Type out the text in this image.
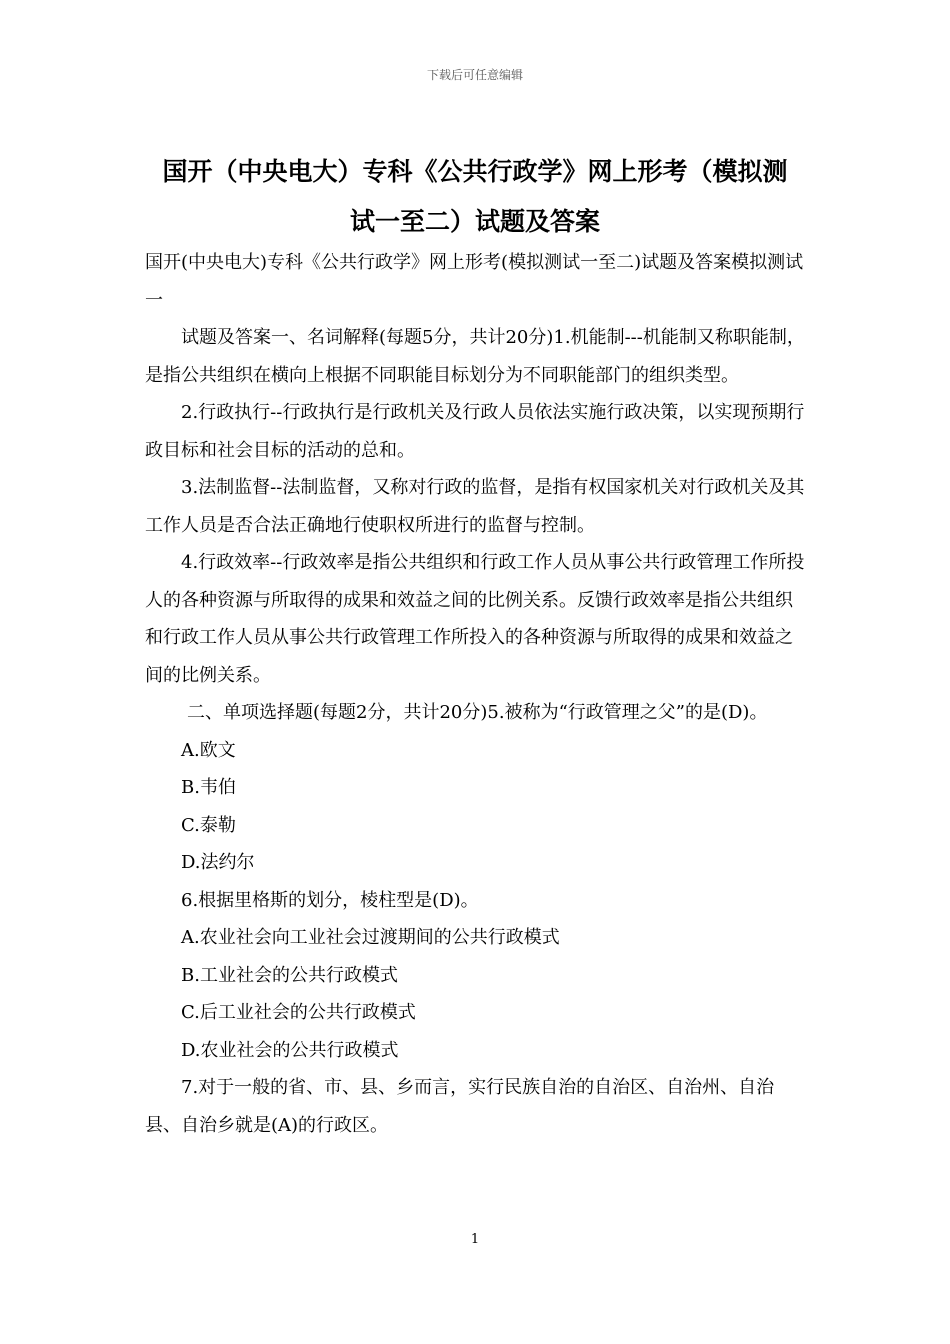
下载后可任意编辑
国开（中央电大）专科《公共行政学》网上形考（模拟测
试一至二）试题及答案

国开(中央电大)专科《公共行政学》网上形考(模拟测试一至二)试题及答案模拟测试一

试题及答案一、名词解释(每题5分，共计20分)1.机能制---机能制又称职能制，是指公共组织在横向上根据不同职能目标划分为不同职能部门的组织类型。

2.行政执行--行政执行是行政机关及行政人员依法实施行政决策，以实现预期行政目标和社会目标的活动的总和。

3.法制监督--法制监督，又称对行政的监督，是指有权国家机关对行政机关及其工作人员是否合法正确地行使职权所进行的监督与控制。

4.行政效率--行政效率是指公共组织和行政工作人员从事公共行政管理工作所投人的各种资源与所取得的成果和效益之间的比例关系。反馈行政效率是指公共组织和行政工作人员从事公共行政管理工作所投入的各种资源与所取得的成果和效益之间的比例关系。

二、单项选择题(每题2分，共计20分)5.被称为“行政管理之父”的是(D)。

A.欧文

B.韦伯

C.泰勒

D.法约尔

6.根据里格斯的划分，棱柱型是(D)。

A.农业社会向工业社会过渡期间的公共行政模式

B.工业社会的公共行政模式

C.后工业社会的公共行政模式

D.农业社会的公共行政模式

7.对于一般的省、市、县、乡而言，实行民族自治的自治区、自治州、自治县、自治乡就是(A)的行政区。

1
